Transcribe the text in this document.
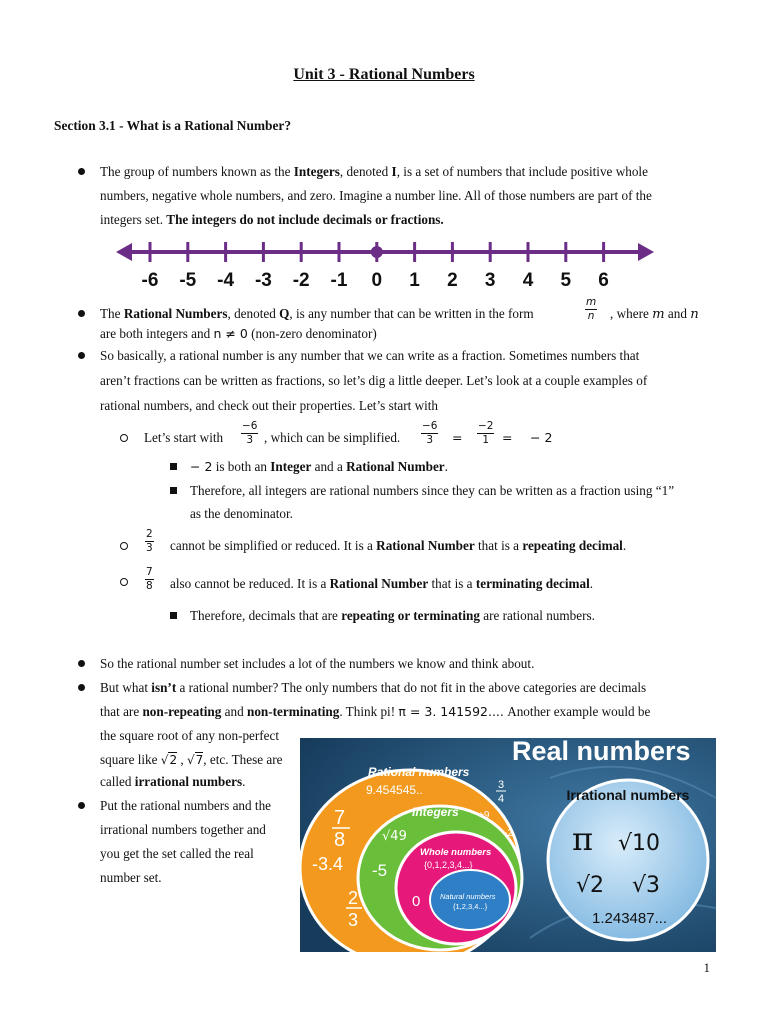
Unit 3 - Rational Numbers
Section 3.1 - What is a Rational Number?
The group of numbers known as the Integers, denoted I, is a set of numbers that include positive whole
numbers, negative whole numbers, and zero. Imagine a number line. All of those numbers are part of the
integers set. The integers do not include decimals or fractions.
-6 -5 -4 -3 -2 -1 0 1 2 3 4 5 6
The Rational Numbers, denoted Q, is any number that can be written in the form	$\frac{m}{n}$ , where m and n
are both integers and n ≠ 0 (non-zero denominator)
So basically, a rational number is any number that we can write as a fraction. Sometimes numbers that
aren’t fractions can be written as fractions, so let’s dig a little deeper. Let’s look at a couple examples of
rational numbers, and check out their properties. Let’s start with
Let’s start with $\frac{-6}{3}$ , which can be simplified. $\frac{-6}{3} = \frac{-2}{1}$ = − 2
− 2 is both an Integer and a Rational Number.
Therefore, all integers are rational numbers since they can be written as a fraction using “1”
as the denominator.
$\frac{2}{3}$ cannot be simplified or reduced. It is a Rational Number that is a repeating decimal.
$\frac{7}{8}$ also cannot be reduced. It is a Rational Number that is a terminating decimal.
Therefore, decimals that are repeating or terminating are rational numbers.
So the rational number set includes a lot of the numbers we know and think about.
But what isn’t a rational number? The only numbers that do not fit in the above categories are decimals
that are non-repeating and non-terminating. Think pi! π = 3. 141592.... Another example would be
the square root of any non-perfect
square like √2 , √7, etc. These are
called irrational numbers.
Put the rational numbers and the
irrational numbers together and
you get the set called the real
number set.
Real numbers
Rational numbers
9.454545..
7
8
-3.4
2
3
3
4
Integers +9
√49
-5
-2
Whole numbers
{0,1,2,3,4...}
0	Natural numbers
{1,2,3,4...}
Irrational numbers
π √10
√2 √3
1.243487...
1
